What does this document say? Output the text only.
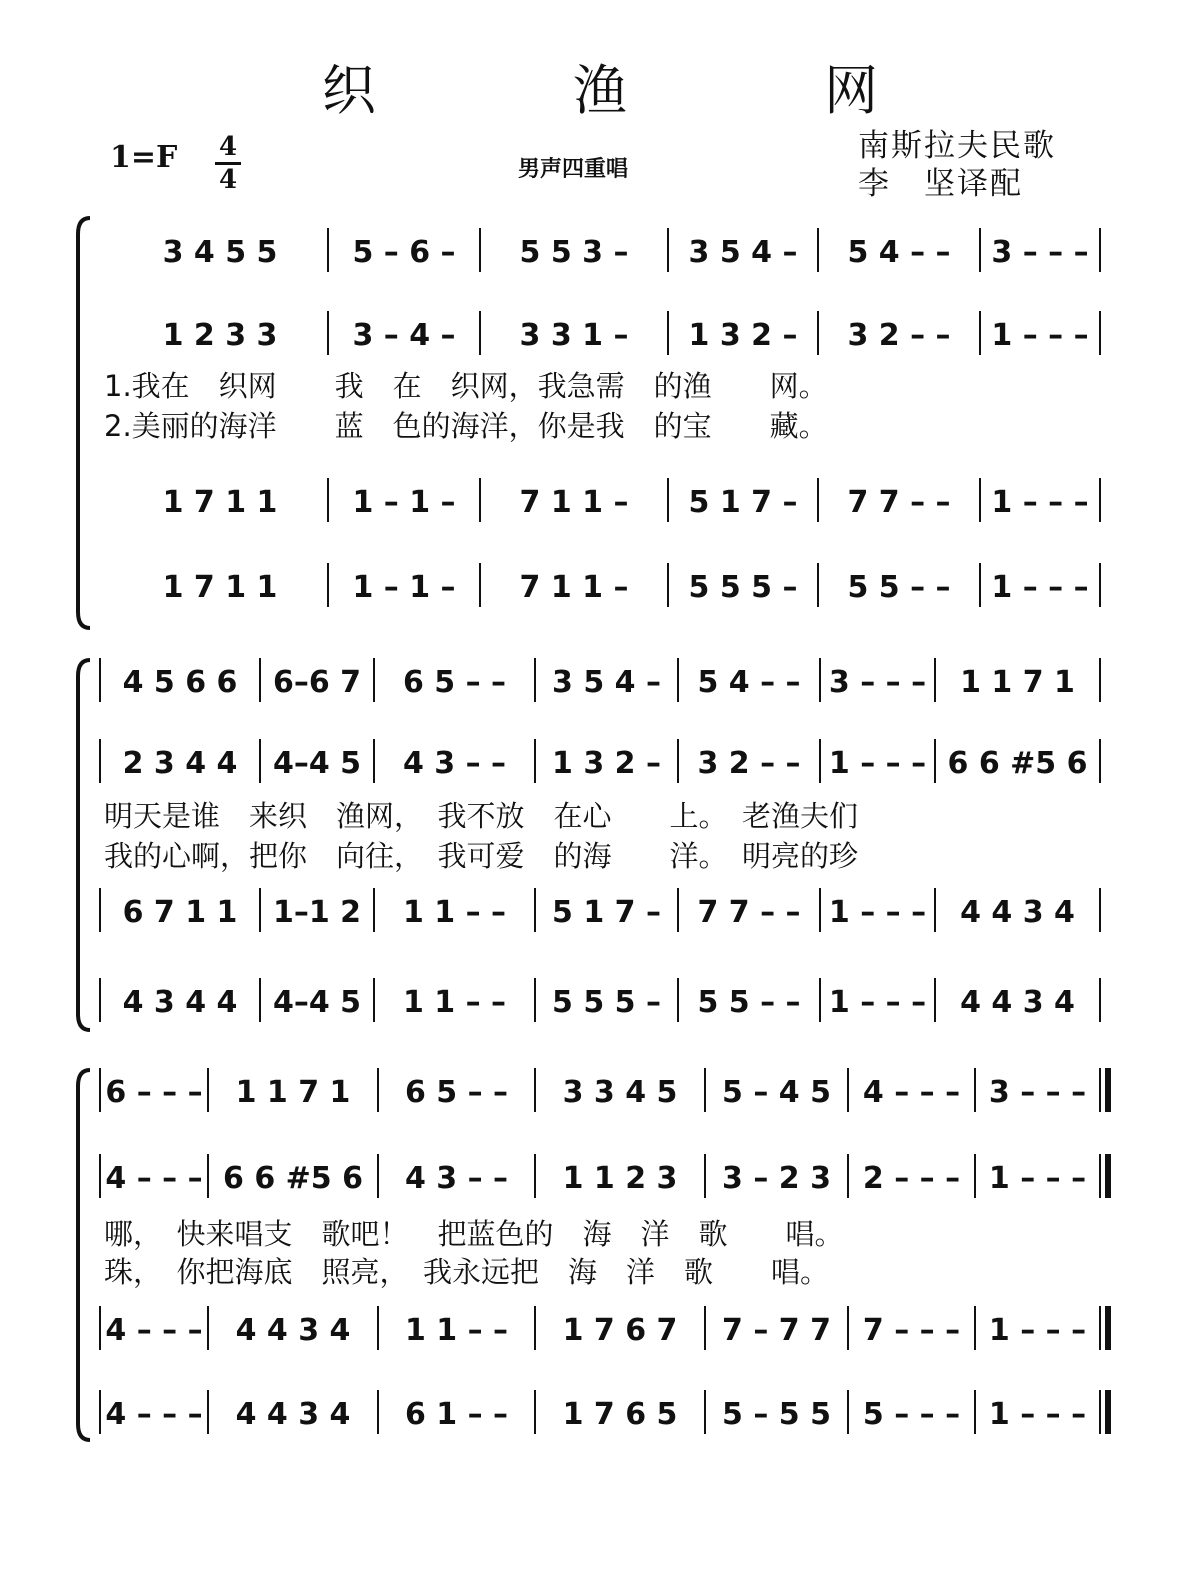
织 渔 网
1=F 4
4	男声四重唱
南斯拉夫民歌
李　坚译配
3 4 5 5	5 – 6 – 5 5 3 – 3 5 4 – 5 4 – – 3 – – –
1 2 3 3	3 – 4 – 3 3 1 – 1 3 2 – 3 2 – – 1 – – –
1 7 1 1	1 – 1 – 7 1 1 – 5 1 7 – 7 7 – – 1 – – –
1 7 1 1	1 – 1 – 7 1 1 – 5 5 5 – 5 5 – – 1 – – –
1.我在　织网　　我　在　织网，我急需　的渔　　网。
2.美丽的海洋　　蓝　色的海洋，你是我　的宝　　藏。
4 5 6 6 6–6 7 6 5 – – 3 5 4 – 5 4 – – 3 – – – 1 1 7 1
2 3 4 4 4–4 5 4 3 – – 1 3 2 – 3 2 – – 1 – – – 6 6 #5 6
6 7 1 1 1–1 2 1 1 – – 5 1 7 – 7 7 – – 1 – – – 4 4 3 4
4 3 4 4 4–4 5 1 1 – – 5 5 5 – 5 5 – – 1 – – – 4 4 3 4
明天是谁　来织　渔网，　我不放　在心　　上。　老渔夫们
我的心啊，把你　向往，　我可爱　的海　　洋。　明亮的珍
6 – – – 1 1 7 1 6 5 – – 3 3 4 5 5 – 4 5 4 – – – 3 – – –
4 – – – 6 6 #5 6 4 3 – – 1 1 2 3 3 – 2 3 2 – – – 1 – – –
4 – – – 4 4 3 4 1 1 – – 1 7 6 7 7 – 7 7 7 – – – 1 – – –
4 – – – 4 4 3 4 6 1 – – 1 7 6 5 5 – 5 5 5 – – – 1 – – –
哪，　快来唱支　歌吧！　把蓝色的　海　洋　歌　　唱。
珠，　你把海底　照亮，　我永远把　海　洋　歌　　唱。
